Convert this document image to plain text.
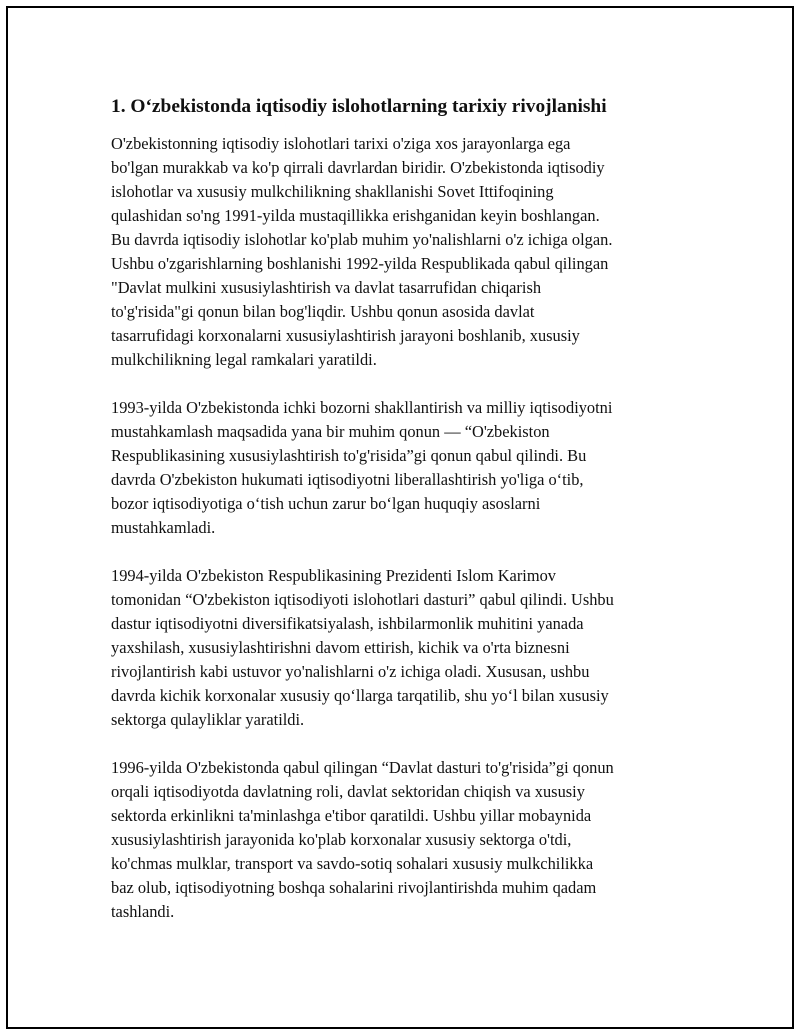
1. O‘zbekistonda iqtisodiy islohotlarning tarixiy rivojlanishi

O'zbekistonning iqtisodiy islohotlari tarixi o'ziga xos jarayonlarga ega
bo'lgan murakkab va ko'p qirrali davrlardan biridir. O'zbekistonda iqtisodiy
islohotlar va xususiy mulkchilikning shakllanishi Sovet Ittifoqining
qulashidan so'ng 1991-yilda mustaqillikka erishganidan keyin boshlangan.
Bu davrda iqtisodiy islohotlar ko'plab muhim yo'nalishlarni o'z ichiga olgan.
Ushbu o'zgarishlarning boshlanishi 1992-yilda Respublikada qabul qilingan
"Davlat mulkini xususiylashtirish va davlat tasarrufidan chiqarish
to'g'risida"gi qonun bilan bog'liqdir. Ushbu qonun asosida davlat
tasarrufidagi korxonalarni xususiylashtirish jarayoni boshlanib, xususiy
mulkchilikning legal ramkalari yaratildi.

1993-yilda O'zbekistonda ichki bozorni shakllantirish va milliy iqtisodiyotni
mustahkamlash maqsadida yana bir muhim qonun — “O'zbekiston
Respublikasining xususiylashtirish to'g'risida”gi qonun qabul qilindi. Bu
davrda O'zbekiston hukumati iqtisodiyotni liberallashtirish yo'liga o‘tib,
bozor iqtisodiyotiga o‘tish uchun zarur bo‘lgan huquqiy asoslarni
mustahkamladi.

1994-yilda O'zbekiston Respublikasining Prezidenti Islom Karimov
tomonidan “O'zbekiston iqtisodiyoti islohotlari dasturi” qabul qilindi. Ushbu
dastur iqtisodiyotni diversifikatsiyalash, ishbilarmonlik muhitini yanada
yaxshilash, xususiylashtirishni davom ettirish, kichik va o'rta biznesni
rivojlantirish kabi ustuvor yo'nalishlarni o'z ichiga oladi. Xususan, ushbu
davrda kichik korxonalar xususiy qo‘llarga tarqatilib, shu yo‘l bilan xususiy
sektorga qulayliklar yaratildi.

1996-yilda O'zbekistonda qabul qilingan “Davlat dasturi to'g'risida”gi qonun
orqali iqtisodiyotda davlatning roli, davlat sektoridan chiqish va xususiy
sektorda erkinlikni ta'minlashga e'tibor qaratildi. Ushbu yillar mobaynida
xususiylashtirish jarayonida ko'plab korxonalar xususiy sektorga o'tdi,
ko'chmas mulklar, transport va savdo-sotiq sohalari xususiy mulkchilikka
baz olub, iqtisodiyotning boshqa sohalarini rivojlantirishda muhim qadam
tashlandi.
